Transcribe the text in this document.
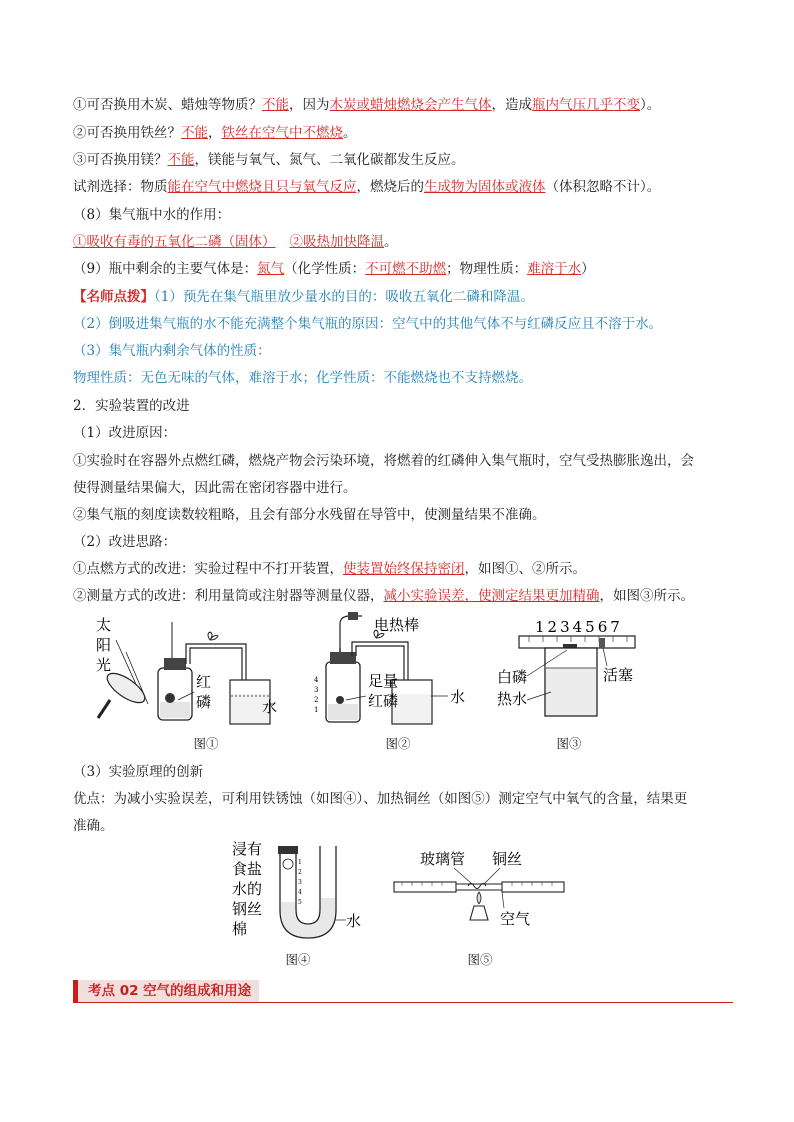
①可否换用木炭、蜡烛等物质？不能，因为木炭或蜡烛燃烧会产生气体，造成瓶内气压几乎不变）。
②可否换用铁丝？不能，铁丝在空气中不燃烧。
③可否换用镁？不能，镁能与氧气、氮气、二氧化碳都发生反应。
试剂选择：物质能在空气中燃烧且只与氧气反应，燃烧后的生成物为固体或液体（体积忽略不计）。
（8）集气瓶中水的作用：
①吸收有毒的五氧化二磷（固体） ②吸热加快降温。
（9）瓶中剩余的主要气体是：氮气（化学性质：不可燃不助燃；物理性质：难溶于水）
【名师点拨】（1）预先在集气瓶里放少量水的目的：吸收五氧化二磷和降温。
（2）倒吸进集气瓶的水不能充满整个集气瓶的原因：空气中的其他气体不与红磷反应且不溶于水。
（3）集气瓶内剩余气体的性质：
物理性质：无色无味的气体，难溶于水；化学性质：不能燃烧也不支持燃烧。
2．实验装置的改进
（1）改进原因：
①实验时在容器外点燃红磷，燃烧产物会污染环境，将燃着的红磷伸入集气瓶时，空气受热膨胀逸出，会
使得测量结果偏大，因此需在密闭容器中进行。
②集气瓶的刻度读数较粗略，且会有部分水残留在导管中，使测量结果不准确。
（2）改进思路：
①点燃方式的改进：实验过程中不打开装置，使装置始终保持密闭，如图①、②所示。
②测量方式的改进：利用量筒或注射器等测量仪器，减小实验误差，使测定结果更加精确，如图③所示。
太
阳
光
红
磷	水
图①
电热棒
4
3
2
1
足量
红磷	水
图②
1234567
白磷
热水
活塞
图③
（3）实验原理的创新
优点：为减小实验误差，可利用铁锈蚀（如图④）、加热铜丝（如图⑤）测定空气中氧气的含量，结果更
准确。
浸有
食盐
水的
钢丝
棉
1
2
3
4
5
水
图④
玻璃管 铜丝
空气
图⑤
考点 02 空气的组成和用途
